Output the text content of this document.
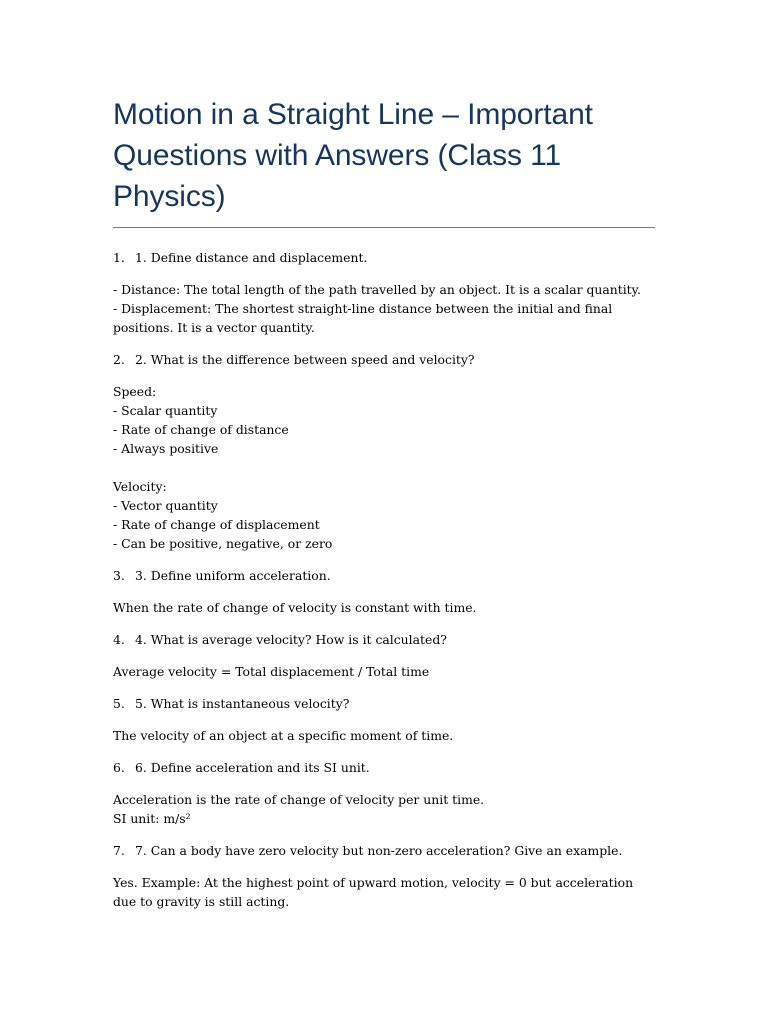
Motion in a Straight Line – Important Questions with Answers (Class 11 Physics)
1. 1. Define distance and displacement.
- Distance: The total length of the path travelled by an object. It is a scalar quantity.
- Displacement: The shortest straight-line distance between the initial and final positions. It is a vector quantity.
2. 2. What is the difference between speed and velocity?
Speed:
- Scalar quantity
- Rate of change of distance
- Always positive
Velocity:
- Vector quantity
- Rate of change of displacement
- Can be positive, negative, or zero
3. 3. Define uniform acceleration.
When the rate of change of velocity is constant with time.
4. 4. What is average velocity? How is it calculated?
Average velocity = Total displacement / Total time
5. 5. What is instantaneous velocity?
The velocity of an object at a specific moment of time.
6. 6. Define acceleration and its SI unit.
Acceleration is the rate of change of velocity per unit time.
SI unit: m/s²
7. 7. Can a body have zero velocity but non-zero acceleration? Give an example.
Yes. Example: At the highest point of upward motion, velocity = 0 but acceleration due to gravity is still acting.
